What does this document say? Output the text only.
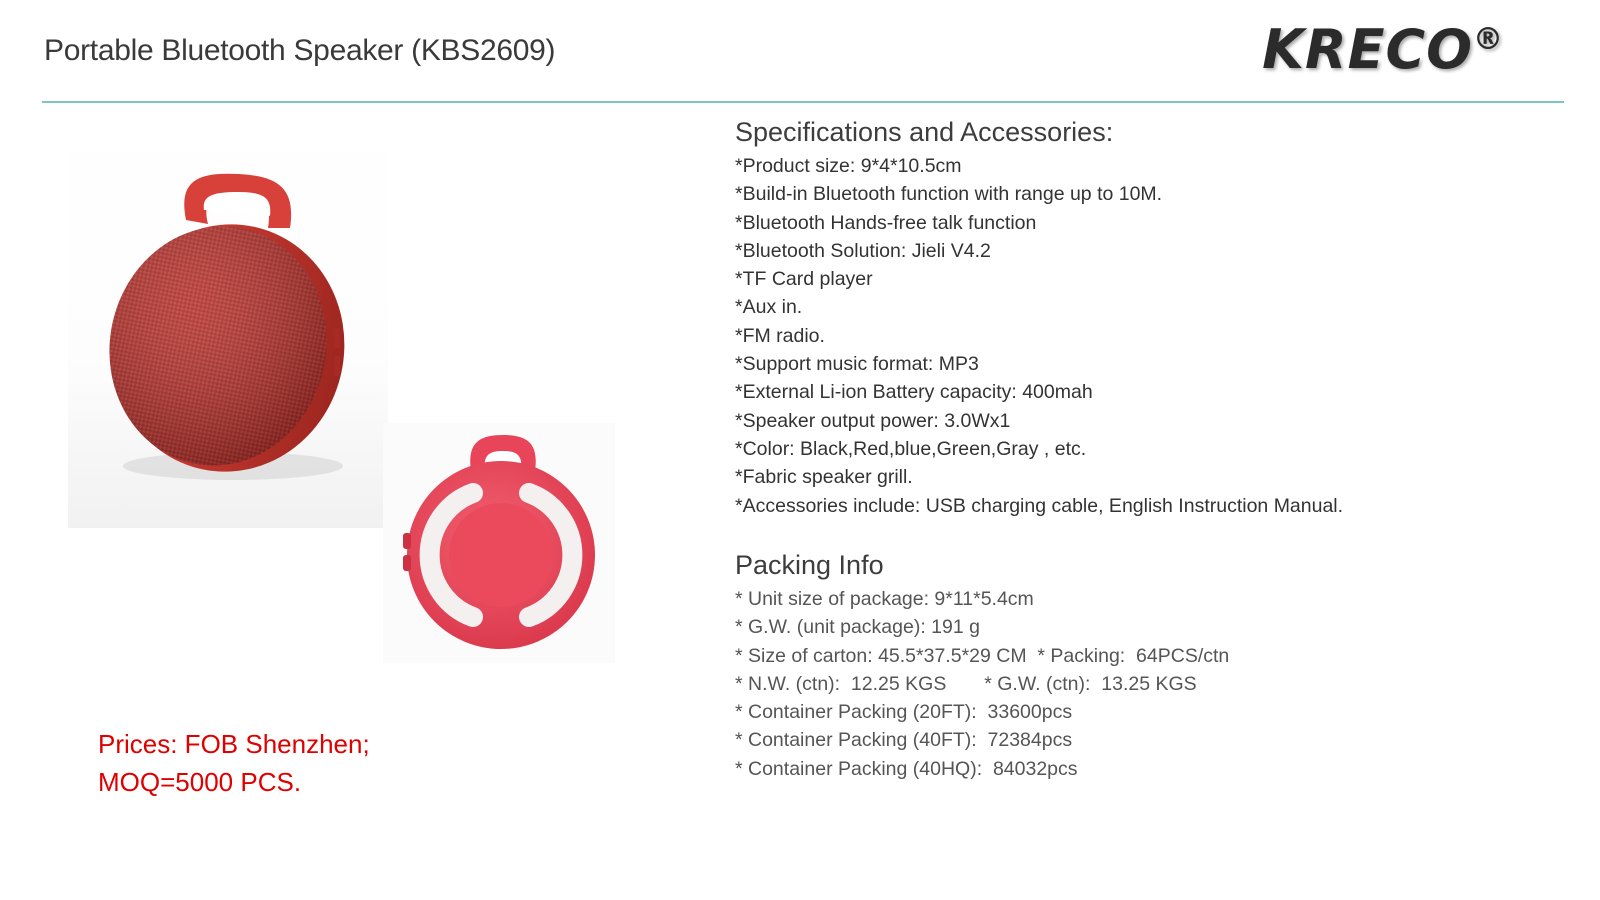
Portable Bluetooth Speaker (KBS2609)	KRECO®
Prices: FOB Shenzhen;
MOQ=5000 PCS.
Specifications and Accessories:
*Product size: 9*4*10.5cm
*Build-in Bluetooth function with range up to 10M.
*Bluetooth Hands-free talk function
*Bluetooth Solution: Jieli V4.2
*TF Card player
*Aux in.
*FM radio.
*Support music format: MP3
*External Li-ion Battery capacity: 400mah
*Speaker output power: 3.0Wx1
*Color: Black,Red,blue,Green,Gray , etc.
*Fabric speaker grill.
*Accessories include: USB charging cable, English Instruction Manual.
Packing Info
* Unit size of package: 9*11*5.4cm
* G.W. (unit package): 191 g
* Size of carton: 45.5*37.5*29 CM  * Packing:  64PCS/ctn
* N.W. (ctn):  12.25 KGS       * G.W. (ctn):  13.25 KGS
* Container Packing (20FT):  33600pcs
* Container Packing (40FT):  72384pcs
* Container Packing (40HQ):  84032pcs
